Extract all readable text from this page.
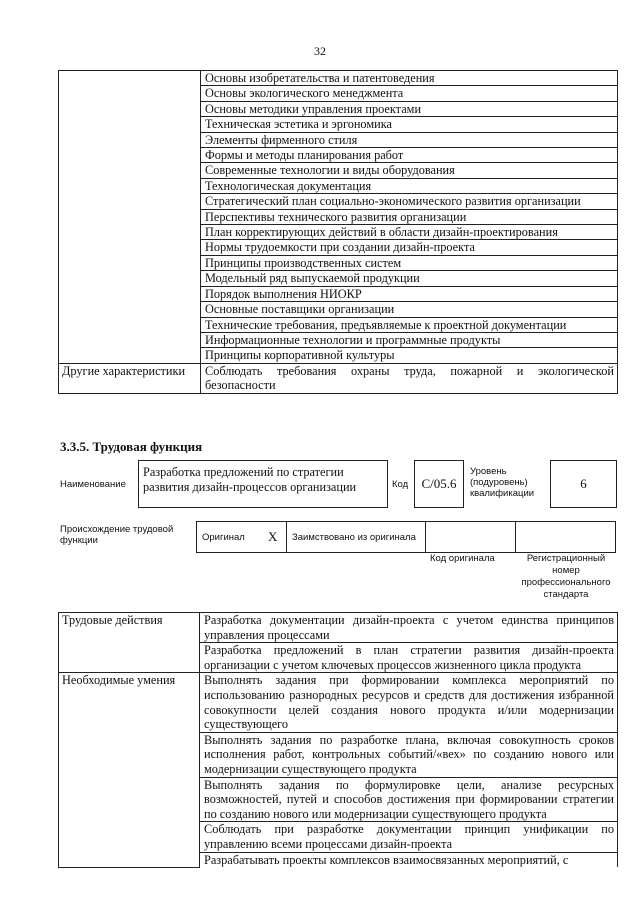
32
	Основы изобретательства и патентоведения
	Основы экологического менеджмента
	Основы методики управления проектами
	Техническая эстетика и эргономика
	Элементы фирменного стиля
	Формы и методы планирования работ
	Современные технологии и виды оборудования
	Технологическая документация
	Стратегический план социально-экономического развития организации
	Перспективы технического развития организации
	План корректирующих действий в области дизайн-проектирования
	Нормы трудоемкости при создании дизайн-проекта
	Принципы производственных систем
	Модельный ряд выпускаемой продукции
	Порядок выполнения НИОКР
	Основные поставщики организации
	Технические требования, предъявляемые к проектной документации
	Информационные технологии и программные продукты
	Принципы корпоративной культуры
Другие характеристики	Соблюдать требования охраны труда, пожарной и экологической безопасности
3.3.5. Трудовая функция
Наименование
Разработка предложений по стратегии развития дизайн-процессов организации	Код С/05.6
Уровень (подуровень) квалификации
6
Происхождение трудовой функции	Оригинал X Заимствовано из оригинала
Код оригинала	Регистрационный номер профессионального стандарта
Трудовые действия	Разработка документации дизайн-проекта с учетом единства принципов управления процессами
	Разработка предложений в план стратегии развития дизайн-проекта организации с учетом ключевых процессов жизненного цикла продукта
Необходимые умения	Выполнять задания при формировании комплекса мероприятий по использованию разнородных ресурсов и средств для достижения избранной совокупности целей создания нового продукта и/или модернизации существующего
	Выполнять задания по разработке плана, включая совокупность сроков исполнения работ, контрольных событий/«вех» по созданию нового или модернизации существующего продукта
	Выполнять задания по формулировке цели, анализе ресурсных возможностей, путей и способов достижения при формировании стратегии по созданию нового или модернизации существующего продукта
	Соблюдать при разработке документации принцип унификации по управлению всеми процессами дизайн-проекта
	Разрабатывать проекты комплексов взаимосвязанных мероприятий, с
